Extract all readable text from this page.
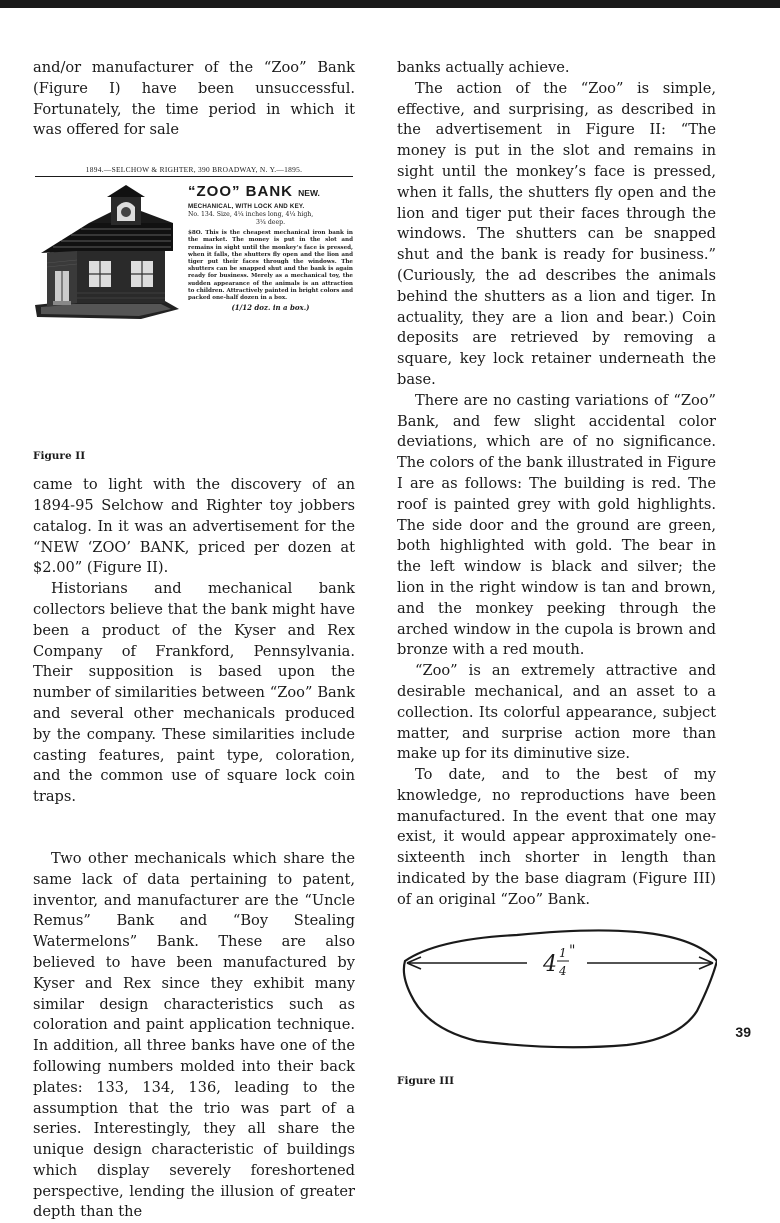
and/or manufacturer of the “Zoo” Bank (Figure I) have been unsuccessful. Fortunately, the time period in which it was offered for sale

1894.—SELCHOW & RIGHTER, 390 BROADWAY, N. Y.—1895.
“ZOO” BANK NEW.
MECHANICAL, WITH LOCK AND KEY.
No. 134. Size, 4¼ inches long, 4¼ high,
3¼ deep.
$8O. This is the cheapest mechanical iron bank in the market. The money is put in the slot and remains in sight until the monkey’s face is pressed, when it falls, the shutters fly open and the lion and tiger put their faces through the windows. The shutters can be snapped shut and the bank is again ready for business. Merely as a mechanical toy, the sudden appearance of the animals is an attraction to children. Attractively painted in bright colors and packed one-half dozen in a box.
(1/12 doz. in a box.)
Figure II

came to light with the discovery of an 1894-95 Selchow and Righter toy jobbers catalog. In it was an advertisement for the “NEW ‘ZOO’ BANK, priced per dozen at $2.00” (Figure II).

Historians and mechanical bank collectors believe that the bank might have been a product of the Kyser and Rex Company of Frankford, Pennsylvania. Their supposition is based upon the number of similarities between “Zoo” Bank and several other mechanicals produced by the company. These similarities include casting features, paint type, coloration, and the common use of square lock coin traps.

Two other mechanicals which share the same lack of data pertaining to patent, inventor, and manufacturer are the “Uncle Remus” Bank and “Boy Stealing Watermelons” Bank. These are also believed to have been manufactured by Kyser and Rex since they exhibit many similar design characteristics such as coloration and paint application technique. In addition, all three banks have one of the following numbers molded into their back plates: 133, 134, 136, leading to the assumption that the trio was part of a series. Interestingly, they all share the unique design characteristic of buildings which display severely foreshortened perspective, lending the illusion of greater depth than the

banks actually achieve.

The action of the “Zoo” is simple, effective, and surprising, as described in the advertisement in Figure II: “The money is put in the slot and remains in sight until the monkey’s face is pressed, when it falls, the shutters fly open and the lion and tiger put their faces through the windows. The shutters can be snapped shut and the bank is ready for business.” (Curiously, the ad describes the animals behind the shutters as a lion and tiger. In actuality, they are a lion and bear.) Coin deposits are retrieved by removing a square, key lock retainer underneath the base.

There are no casting variations of “Zoo” Bank, and few slight accidental color deviations, which are of no significance. The colors of the bank illustrated in Figure I are as follows: The building is red. The roof is painted grey with gold highlights. The side door and the ground are green, both highlighted with gold. The bear in the left window is black and silver; the lion in the right window is tan and brown, and the monkey peeking through the arched window in the cupola is brown and bronze with a red mouth.

“Zoo” is an extremely attractive and desirable mechanical, and an asset to a collection. Its colorful appearance, subject matter, and surprise action more than make up for its diminutive size.

To date, and to the best of my knowledge, no reproductions have been manufactured. In the event that one may exist, it would appear approximately one-sixteenth inch shorter in length than indicated by the base diagram (Figure III) of an original “Zoo” Bank.

4 1
4
"
Figure III
39
